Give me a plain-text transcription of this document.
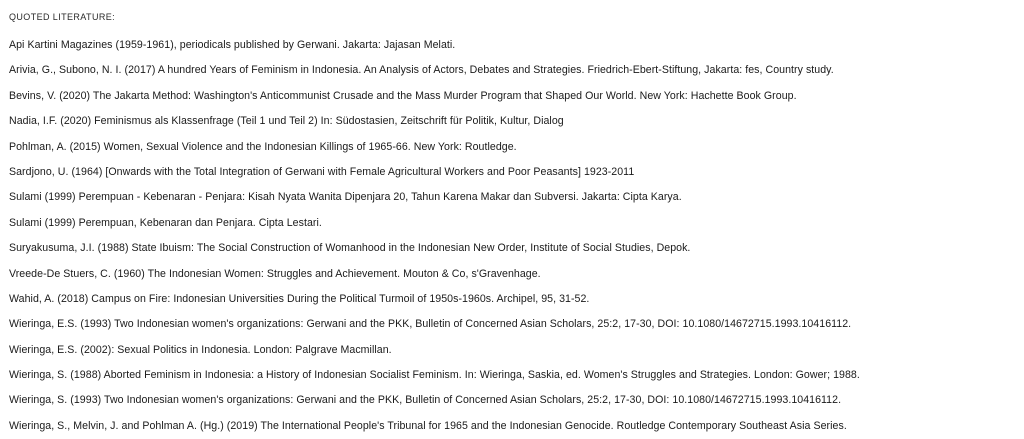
QUOTED LITERATURE:
Api Kartini Magazines (1959-1961), periodicals published by Gerwani. Jakarta: Jajasan Melati.
Arivia, G., Subono, N. I. (2017) A hundred Years of Feminism in Indonesia. An Analysis of Actors, Debates and Strategies. Friedrich-Ebert-Stiftung, Jakarta: fes, Country study.
Bevins, V. (2020) The Jakarta Method: Washington's Anticommunist Crusade and the Mass Murder Program that Shaped Our World. New York: Hachette Book Group.
Nadia, I.F. (2020) Feminismus als Klassenfrage (Teil 1 und Teil 2) In: Südostasien, Zeitschrift für Politik, Kultur, Dialog
Pohlman, A. (2015) Women, Sexual Violence and the Indonesian Killings of 1965-66. New York: Routledge.
Sardjono, U. (1964) [Onwards with the Total Integration of Gerwani with Female Agricultural Workers and Poor Peasants] 1923-2011
Sulami (1999) Perempuan - Kebenaran - Penjara: Kisah Nyata Wanita Dipenjara 20, Tahun Karena Makar dan Subversi. Jakarta: Cipta Karya.
Sulami (1999) Perempuan, Kebenaran dan Penjara. Cipta Lestari.
Suryakusuma, J.I. (1988) State Ibuism: The Social Construction of Womanhood in the Indonesian New Order, Institute of Social Studies, Depok.
Vreede-De Stuers, C. (1960) The Indonesian Women: Struggles and Achievement. Mouton & Co, s'Gravenhage.
Wahid, A. (2018) Campus on Fire: Indonesian Universities During the Political Turmoil of 1950s-1960s. Archipel, 95, 31-52.
Wieringa, E.S. (1993) Two Indonesian women's organizations: Gerwani and the PKK, Bulletin of Concerned Asian Scholars, 25:2, 17-30, DOI: 10.1080/14672715.1993.10416112.
Wieringa, E.S. (2002): Sexual Politics in Indonesia. London: Palgrave Macmillan.
Wieringa, S. (1988) Aborted Feminism in Indonesia: a History of Indonesian Socialist Feminism. In: Wieringa, Saskia, ed. Women's Struggles and Strategies. London: Gower; 1988.
Wieringa, S. (1993) Two Indonesian women's organizations: Gerwani and the PKK, Bulletin of Concerned Asian Scholars, 25:2, 17-30, DOI: 10.1080/14672715.1993.10416112.
Wieringa, S., Melvin, J. and Pohlman A. (Hg.) (2019) The International People's Tribunal for 1965 and the Indonesian Genocide. Routledge Contemporary Southeast Asia Series.
